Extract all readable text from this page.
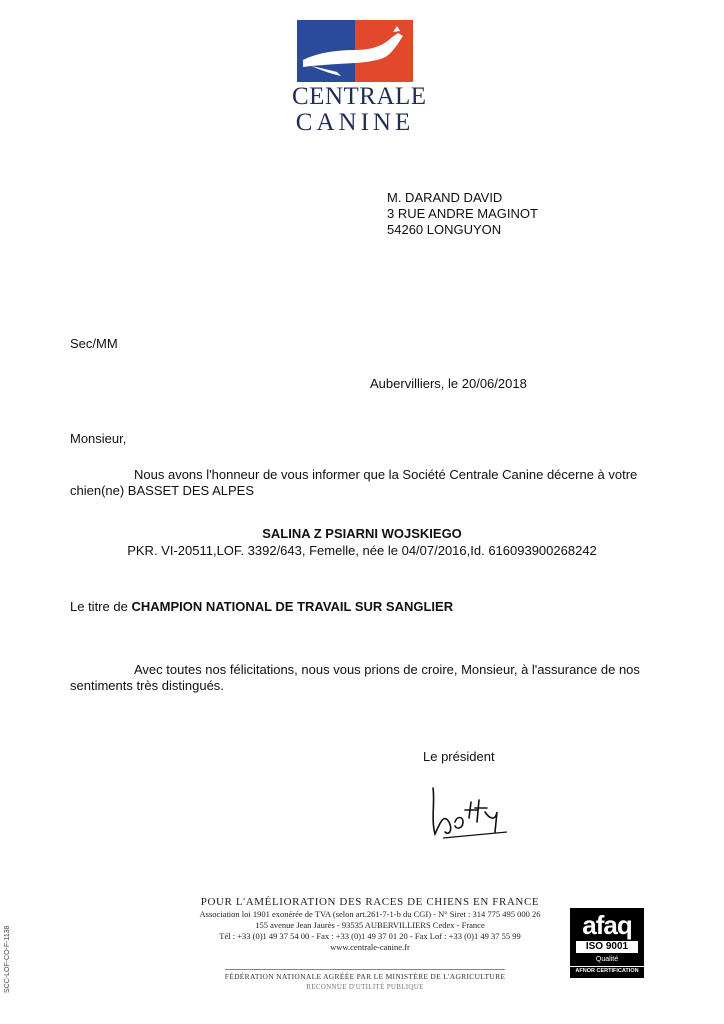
CENTRALE
CANINE
M. DARAND DAVID
3 RUE ANDRE MAGINOT
54260 LONGUYON
Sec/MM
Aubervilliers, le 20/06/2018
Monsieur,
Nous avons l'honneur de vous informer que la Société Centrale Canine décerne à votre chien(ne) BASSET DES ALPES
SALINA Z PSIARNI WOJSKIEGO
PKR. VI-20511,LOF. 3392/643, Femelle, née le 04/07/2016,Id. 616093900268242
Le titre de CHAMPION NATIONAL DE TRAVAIL SUR SANGLIER
Avec toutes nos félicitations, nous vous prions de croire, Monsieur, à l'assurance de nos sentiments très distingués.
Le président
POUR L'AMÉLIORATION DES RACES DE CHIENS EN FRANCE
Association loi 1901 exonérée de TVA (selon art.261-7-1-b du CGI) - N° Siret : 314 775 495 000 26
155 avenue Jean Jaurès - 93535 AUBERVILLIERS Cedex - France
Tél : +33 (0)1 49 37 54 00 - Fax : +33 (0)1 49 37 01 20 - Fax Lof : +33 (0)1 49 37 55 99
www.centrale-canine.fr
FÉDÉRATION NATIONALE AGRÉÉE PAR LE MINISTÈRE DE L'AGRICULTURE
RECONNUE D'UTILITÉ PUBLIQUE
afaq
ISO 9001
Qualité
AFNOR CERTIFICATION
SCC-LOF-CO-F-1138
